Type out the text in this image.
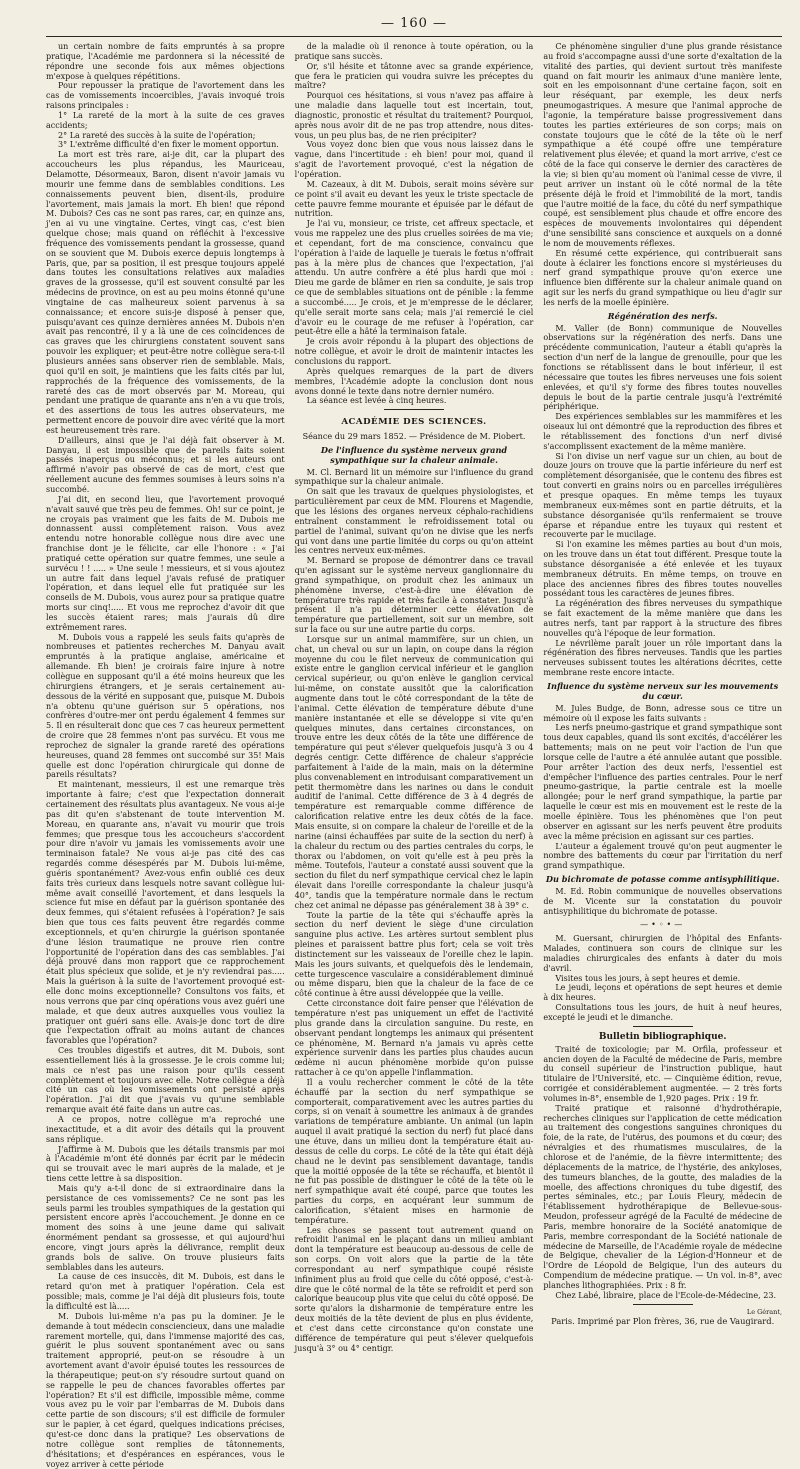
— 160 —

un certain nombre de faits empruntés à sa propre pratique, l'Académie me pardonnera si la nécessité de répondre une seconde fois aux mêmes objections m'expose à quelques répétitions.

Pour repousser la pratique de l'avortement dans les cas de vomissements incoercibles, j'avais invoqué trois raisons principales :

1° La rareté de la mort à la suite de ces graves accidents;

2° La rareté des succès à la suite de l'opération;

3° L'extrême difficulté d'en fixer le moment opportun.

La mort est très rare, ai-je dit, car la plupart des accoucheurs les plus répandus, les Mauriceau, Delamotte, Désormeaux, Baron, disent n'avoir jamais vu mourir une femme dans de semblables conditions. Les connaissements peuvent bien, disent-ils, produire l'avortement, mais jamais la mort. Eh bien! que répond M. Dubois? Ces cas ne sont pas rares, car, en quinze ans, j'en ai vu une vingtaine. Certes, vingt cas, c'est bien quelque chose; mais quand on réfléchit à l'excessive fréquence des vomissements pendant la grossesse, quand on se souvient que M. Dubois exerce depuis longtemps à Paris, que, par sa position, il est presque toujours appelé dans toutes les consultations relatives aux maladies graves de la grossesse, qu'il est souvent consulté par les médecins de province, on est au peu moins étonné qu'une vingtaine de cas malheureux soient parvenus à sa connaissance; et encore suis-je disposé à penser que, puisqu'avant ces quinze dernières années M. Dubois n'en avait pas rencontré, il y a là une de ces coïncidences de cas graves que les chirurgiens constatent souvent sans pouvoir les expliquer; et peut-être notre collègue sera-t-il plusieurs années sans observer rien de semblable. Mais, quoi qu'il en soit, je maintiens que les faits cités par lui, rapprochés de la fréquence des vomissements, de la rareté des cas de mort observés par M. Moreau, qui pendant une pratique de quarante ans n'en a vu que trois, et des assertions de tous les autres observateurs, me permettent encore de pouvoir dire avec vérité que la mort est heureusement très rare.

D'ailleurs, ainsi que je l'ai déjà fait observer à M. Danyau, il est impossible que de pareils faits soient passés inaperçus ou méconnus; et si les auteurs ont affirmé n'avoir pas observé de cas de mort, c'est que réellement aucune des femmes soumises à leurs soins n'a succombé.

J'ai dit, en second lieu, que l'avortement provoqué n'avait sauvé que très peu de femmes. Oh! sur ce point, je ne croyais pas vraiment que les faits de M. Dubois me donnassent aussi complètement raison. Vous avez entendu notre honorable collègue nous dire avec une franchise dont je le félicite, car elle l'honore : « J'ai pratiqué cette opération sur quatre femmes, une seule a survécu ! ! ..... » Une seule ! messieurs, et si vous ajoutez un autre fait dans lequel j'avais refusé de pratiquer l'opération, et dans lequel elle fut pratiquée sur les conseils de M. Dubois, vous aurez pour sa pratique quatre morts sur cinq!..... Et vous me reprochez d'avoir dit que les succès étaient rares; mais j'aurais dû dire extrêmement rares.

M. Dubois vous a rappelé les seuls faits qu'après de nombreuses et patientes recherches M. Danyau avait empruntés à la pratique anglaise, américaine et allemande. Eh bien! je croirais faire injure à notre collègue en supposant qu'il a été moins heureux que les chirurgiens étrangers, et je serais certainement au-dessous de la vérité en supposant que, puisque M. Dubois n'a obtenu qu'une guérison sur 5 opérations, nos confrères d'outre-mer ont perdu également 4 femmes sur 5. Il en résulterait donc que ces 7 cas heureux permettent de croire que 28 femmes n'ont pas survécu. Et vous me reprochez de signaler la grande rareté des opérations heureuses, quand 28 femmes ont succombé sur 35! Mais quelle est donc l'opération chirurgicale qui donne de pareils résultats?

Et maintenant, messieurs, il est une remarque très importante à faire; c'est que l'expectation donnerait certainement des résultats plus avantageux. Ne vous ai-je pas dit qu'en s'abstenant de toute intervention M. Moreau, en quarante ans, n'avait vu mourir que trois femmes; que presque tous les accoucheurs s'accordent pour dire n'avoir vu jamais les vomissements avoir une terminaison fatale? Ne vous ai-je pas cité des cas regardés comme désespérés par M. Dubois lui-même, guéris spontanément? Avez-vous enfin oublié ces deux faits très curieux dans lesquels notre savant collègue lui-même avait conseillé l'avortement, et dans lesquels la science fut mise en défaut par la guérison spontanée des deux femmes, qui s'étaient refusées à l'opération? Je sais bien que tous ces faits peuvent être regardés comme exceptionnels, et qu'en chirurgie la guérison spontanée d'une lésion traumatique ne prouve rien contre l'opportunité de l'opération dans des cas semblables. J'ai déjà prouvé dans mon rapport que ce rapprochement était plus spécieux que solide, et je n'y reviendrai pas..... Mais la guérison à la suite de l'avortement provoqué est-elle donc moins exceptionnelle? Consultons vos faits, et nous verrons que par cinq opérations vous avez guéri une malade, et que deux autres auxquelles vous vouliez la pratiquer ont guéri sans elle. Avais-je donc tort de dire que l'expectation offrait au moins autant de chances favorables que l'opération?

Ces troubles digestifs et autres, dit M. Dubois, sont essentiellement liés à la grossesse. Je le crois comme lui; mais ce n'est pas une raison pour qu'ils cessent complètement et toujours avec elle. Notre collègue a déjà cité un cas où les vomissements ont persisté après l'opération. J'ai dit que j'avais vu qu'une semblable remarque avait été faite dans un autre cas.

A ce propos, notre collègue m'a reproché une inexactitude, et a dit avoir des détails qui la prouvent sans réplique.

J'affirme à M. Dubois que les détails transmis par moi à l'Académie m'ont été donnés par écrit par le médecin qui se trouvait avec le mari auprès de la malade, et je tiens cette lettre à sa disposition.

Mais qu'y a-t-il donc de si extraordinaire dans la persistance de ces vomissements? Ce ne sont pas les seuls parmi les troubles sympathiques de la gestation qui persistent encore après l'accouchement. Je donne en ce moment des soins à une jeune dame qui salivait énormément pendant sa grossesse, et qui aujourd'hui encore, vingt jours après la délivrance, remplit deux grands bols de salive. On trouve plusieurs faits semblables dans les auteurs.

La cause de ces insuccès, dit M. Dubois, est dans le retard qu'on met à pratiquer l'opération. Cela est possible; mais, comme je l'ai déjà dit plusieurs fois, toute la difficulté est là.....

M. Dubois lui-même n'a pas pu la dominer. Je le demande à tout médecin consciencieux, dans une maladie rarement mortelle, qui, dans l'immense majorité des cas, guérit le plus souvent spontanément avec ou sans traitement approprié, peut-on se résoudre à un avortement avant d'avoir épuisé toutes les ressources de la thérapeutique; peut-on s'y résoudre surtout quand on se rappelle le peu de chances favorables offertes par l'opération? Et s'il est difficile, impossible même, comme vous avez pu le voir par l'embarras de M. Dubois dans cette partie de son discours; s'il est difficile de formuler sur le papier, à cet égard, quelques indications précises, qu'est-ce donc dans la pratique? Les observations de notre collègue sont remplies de tâtonnements, d'hésitations; et d'espérances en espérances, vous le voyez arriver à cette période

de la maladie où il renonce à toute opération, ou la pratique sans succès.

Or, s'il hésite et tâtonne avec sa grande expérience, que fera le praticien qui voudra suivre les préceptes du maître?

Pourquoi ces hésitations, si vous n'avez pas affaire à une maladie dans laquelle tout est incertain, tout, diagnostic, pronostic et résultat du traitement? Pourquoi, après nous avoir dit de ne pas trop attendre, nous dites-vous, un peu plus bas, de ne rien précipiter?

Vous voyez donc bien que vous nous laissez dans le vague, dans l'incertitude : eh bien! pour moi, quand il s'agit de l'avortement provoqué, c'est la négation de l'opération.

M. Cazeaux, à dit M. Dubois, serait moins sévère sur ce point s'il avait eu devant les yeux le triste spectacle de cette pauvre femme mourante et épuisée par le défaut de nutrition.

Je l'ai vu, monsieur, ce triste, cet affreux spectacle, et vous me rappelez une des plus cruelles soirées de ma vie; et cependant, fort de ma conscience, convaincu que l'opération à l'aide de laquelle je tuerais le fœtus n'offrait pas à la mère plus de chances que l'expectation, j'ai attendu. Un autre confrère a été plus hardi que moi : Dieu me garde de blâmer en rien sa conduite, je sais trop ce que de semblables situations ont de pénible : la femme a succombé..... Je crois, et je m'empresse de le déclarer, qu'elle serait morte sans cela; mais j'ai remercié le ciel d'avoir eu le courage de me refuser à l'opération, car peut-être elle a hâté la terminaison fatale.

Je crois avoir répondu à la plupart des objections de notre collègue, et avoir le droit de maintenir intactes les conclusions du rapport.

Après quelques remarques de la part de divers membres, l'Académie adopte la conclusion dont nous avons donné le texte dans notre dernier numéro.

La séance est levée à cinq heures.

ACADÉMIE DES SCIENCES.

Séance du 29 mars 1852. — Présidence de M. Piobert.

De l'influence du système nerveux grand sympathique sur la chaleur animale.

M. Cl. Bernard lit un mémoire sur l'influence du grand sympathique sur la chaleur animale.

On sait que les travaux de quelques physiologistes, et particulièrement par ceux de MM. Flourens et Magendie, que les lésions des organes nerveux céphalo-rachidiens entraînent constamment le refroidissement total ou partiel de l'animal, suivant qu'on ne divise que les nerfs qui vont dans une partie limitée du corps ou qu'on atteint les centres nerveux eux-mêmes.

M. Bernard se propose de démontrer dans ce travail qu'en agissant sur le système nerveux ganglionnaire du grand sympathique, on produit chez les animaux un phénomène inverse, c'est-à-dire une élévation de température très rapide et très facile à constater. Jusqu'à présent il n'a pu déterminer cette élévation de température que partiellement, soit sur un membre, soit sur la face ou sur une autre partie du corps.

Lorsque sur un animal mammifère, sur un chien, un chat, un cheval ou sur un lapin, on coupe dans la région moyenne du cou le filet nerveux de communication qui existe entre le ganglion cervical inférieur et le ganglion cervical supérieur, ou qu'on enlève le ganglion cervical lui-même, on constate aussitôt que la calorification augmente dans tout le côté correspondant de la tête de l'animal. Cette élévation de température débute d'une manière instantanée et elle se développe si vite qu'en quelques minutes, dans certaines circonstances, on trouve entre les deux côtés de la tête une différence de température qui peut s'élever quelquefois jusqu'à 3 ou 4 degrés centigr. Cette différence de chaleur s'apprécie parfaitement à l'aide de la main, mais on la détermine plus convenablement en introduisant comparativement un petit thermomètre dans les narines ou dans le conduit auditif de l'animal. Cette différence de 3 à 4 degrés de température est remarquable comme différence de calorification relative entre les deux côtés de la face. Mais ensuite, si on compare la chaleur de l'oreille et de la narine (ainsi échauffées par suite de la section du nerf) à la chaleur du rectum ou des parties centrales du corps, le thorax ou l'abdomen, on voit qu'elle est à peu près la même. Toutefois, l'auteur a constaté aussi souvent que la section du filet du nerf sympathique cervical chez le lapin élevait dans l'oreille correspondante la chaleur jusqu'à 40°, tandis que la température normale dans le rectum chez cet animal ne dépasse pas généralement 38 à 39° c.

Toute la partie de la tête qui s'échauffe après la section du nerf devient le siège d'une circulation sanguine plus active. Les artères surtout semblent plus pleines et paraissent battre plus fort; cela se voit très distinctement sur les vaisseaux de l'oreille chez le lapin. Mais les jours suivants, et quelquefois dès le lendemain, cette turgescence vasculaire a considérablement diminué ou même disparu, bien que la chaleur de la face de ce côté continue à être aussi développée que la veille.

Cette circonstance doit faire penser que l'élévation de température n'est pas uniquement un effet de l'activité plus grande dans la circulation sanguine. Du reste, en observant pendant longtemps les animaux qui présentent ce phénomène, M. Bernard n'a jamais vu après cette expérience survenir dans les parties plus chaudes aucun œdème ni aucun phénomène morbide qu'on puisse rattacher à ce qu'on appelle l'inflammation.

Il a voulu rechercher comment le côté de la tête échauffé par la section du nerf sympathique se comporterait, comparativement avec les autres parties du corps, si on venait à soumettre les animaux à de grandes variations de température ambiante. Un animal (un lapin auquel il avait pratiqué la section du nerf) fut placé dans une étuve, dans un milieu dont la température était au-dessus de celle du corps. Le côté de la tête qui était déjà chaud ne le devint pas sensiblement davantage, tandis que la moitié opposée de la tête se réchauffa, et bientôt il ne fut pas possible de distinguer le côté de la tête où le nerf sympathique avait été coupé, parce que toutes les parties du corps, en acquérant leur summum de calorification, s'étaient mises en harmonie de température.

Les choses se passent tout autrement quand on refroidit l'animal en le plaçant dans un milieu ambiant dont la température est beaucoup au-dessous de celle de son corps. On voit alors que la partie de la tête correspondant au nerf sympathique coupé résiste infiniment plus au froid que celle du côté opposé, c'est-à-dire que le côté normal de la tête se refroidit et perd son calorique beaucoup plus vite que celui du côté opposé. De sorte qu'alors la disharmonie de température entre les deux moitiés de la tête devient de plus en plus évidente, et c'est dans cette circonstance qu'on constate une différence de température qui peut s'élever quelquefois jusqu'à 3° ou 4° centigr.

Ce phénomène singulier d'une plus grande résistance au froid s'accompagne aussi d'une sorte d'exaltation de la vitalité des parties, qui devient surtout très manifeste quand on fait mourir les animaux d'une manière lente, soit en les empoisonnant d'une certaine façon, soit en leur réséquant, par exemple, les deux nerfs pneumogastriques. A mesure que l'animal approche de l'agonie, la température baisse progressivement dans toutes les parties extérieures de son corps; mais on constate toujours que le côté de la tête où le nerf sympathique a été coupé offre une température relativement plus élevée; et quand la mort arrive, c'est ce côté de la face qui conserve le dernier des caractères de la vie; si bien qu'au moment où l'animal cesse de vivre, il peut arriver un instant où le côté normal de la tête présente déjà le froid et l'immobilité de la mort, tandis que l'autre moitié de la face, du côté du nerf sympathique coupé, est sensiblement plus chaude et offre encore des espèces de mouvements involontaires qui dépendent d'une sensibilité sans conscience et auxquels on a donné le nom de mouvements réflexes.

En résumé cette expérience, qui contribuerait sans doute à éclairer les fonctions encore si mystérieuses du nerf grand sympathique prouve qu'on exerce une influence bien différente sur la chaleur animale quand on agit sur les nerfs du grand sympathique ou lieu d'agir sur les nerfs de la moelle épinière.

Régénération des nerfs.

M. Valler (de Bonn) communique de Nouvelles observations sur la régénération des nerfs. Dans une précédente communication, l'auteur a établi qu'après la section d'un nerf de la langue de grenouille, pour que les fonctions se rétablissent dans le bout inférieur, il est nécessaire que toutes les fibres nerveuses une fois soient enlevées, et qu'il s'y forme des fibres toutes nouvelles depuis le bout de la partie centrale jusqu'à l'extrémité périphérique.

Des expériences semblables sur les mammifères et les oiseaux lui ont démontré que la reproduction des fibres et le rétablissement des fonctions d'un nerf divisé s'accomplissent exactement de la même manière.

Si l'on divise un nerf vague sur un chien, au bout de douze jours on trouve que la partie inférieure du nerf est complètement désorganisée, que le contenu des fibres est tout converti en grains noirs ou en parcelles irrégulières et presque opaques. En même temps les tuyaux membraneux eux-mêmes sont en partie détruits, et la substance désorganisée qu'ils renfermaient se trouve éparse et répandue entre les tuyaux qui restent et recouverte par le mucilage.

Si l'on examine les mêmes parties au bout d'un mois, on les trouve dans un état tout différent. Presque toute la substance désorganisée a été enlevée et les tuyaux membraneux détruits. En même temps, on trouve en place des anciennes fibres des fibres toutes nouvelles possédant tous les caractères de jeunes fibres.

La régénération des fibres nerveuses du sympathique se fait exactement de la même manière que dans les autres nerfs, tant par rapport à la structure des fibres nouvelles qu'à l'époque de leur formation.

Le névrilème paraît jouer un rôle important dans la régénération des fibres nerveuses. Tandis que les parties nerveuses subissent toutes les altérations décrites, cette membrane reste encore intacte.

Influence du système nerveux sur les mouvements du cœur.

M. Jules Budge, de Bonn, adresse sous ce titre un mémoire où il expose les faits suivants :

Les nerfs pneumo-gastrique et grand sympathique sont tous deux capables, quand ils sont excités, d'accélérer les battements; mais on ne peut voir l'action de l'un que lorsque celle de l'autre a été annulée autant que possible. Pour arrêter l'action des deux nerfs, l'essentiel est d'empêcher l'influence des parties centrales. Pour le nerf pneumo-gastrique, la partie centrale est la moelle allongée; pour le nerf grand sympathique, la partie par laquelle le cœur est mis en mouvement est le reste de la moelle épinière. Tous les phénomènes que l'on peut observer en agissant sur les nerfs peuvent être produits avec la même précision en agissant sur ces parties.

L'auteur a également trouvé qu'on peut augmenter le nombre des battements du cœur par l'irritation du nerf grand sympathique.

Du bichromate de potasse comme antisyphilitique.

M. Ed. Robin communique de nouvelles observations de M. Vicente sur la constatation du pouvoir antisyphilitique du bichromate de potasse.

—•◦•—

M. Guersant, chirurgien de l'hôpital des Enfants-Malades, continuera son cours de clinique sur les maladies chirurgicales des enfants à dater du mois d'avril.

Visites tous les jours, à sept heures et demie.

Le jeudi, leçons et opérations de sept heures et demie à dix heures.

Consultations tous les jours, de huit à neuf heures, excepté le jeudi et le dimanche.

Bulletin bibliographique.

Traité de toxicologie; par M. Orfila, professeur et ancien doyen de la Faculté de médecine de Paris, membre du conseil supérieur de l'instruction publique, haut titulaire de l'Université, etc. — Cinquième édition, revue, corrigée et considérablement augmentée. — 2 très forts volumes in-8°, ensemble de 1,920 pages. Prix : 19 fr.

Traité pratique et raisonné d'hydrothérapie, recherches cliniques sur l'application de cette médication au traitement des congestions sanguines chroniques du foie, de la rate, de l'utérus, des poumons et du cœur; des névralgies et des rhumatismes musculaires, de la chlorose et de l'anémie, de la fièvre intermittente; des déplacements de la matrice, de l'hystérie, des ankyloses, des tumeurs blanches, de la goutte, des maladies de la moelle, des affections chroniques du tube digestif, des pertes séminales, etc.; par Louis Fleury, médecin de l'établissement hydrothérapique de Bellevue-sous-Meudon, professeur agrégé de la Faculté de médecine de Paris, membre honoraire de la Société anatomique de Paris, membre correspondant de la Société nationale de médecine de Marseille, de l'Académie royale de médecine de Belgique, chevalier de la Légion-d'Honneur et de l'Ordre de Léopold de Belgique, l'un des auteurs du Compendium de médecine pratique. — Un vol. in-8°, avec planches lithographiées. Prix : 8 fr.

Chez Labé, libraire, place de l'Ecole-de-Médecine, 23.

Le Gérant,
Paris. Imprimé par Plon frères, 36, rue de Vaugirard.
